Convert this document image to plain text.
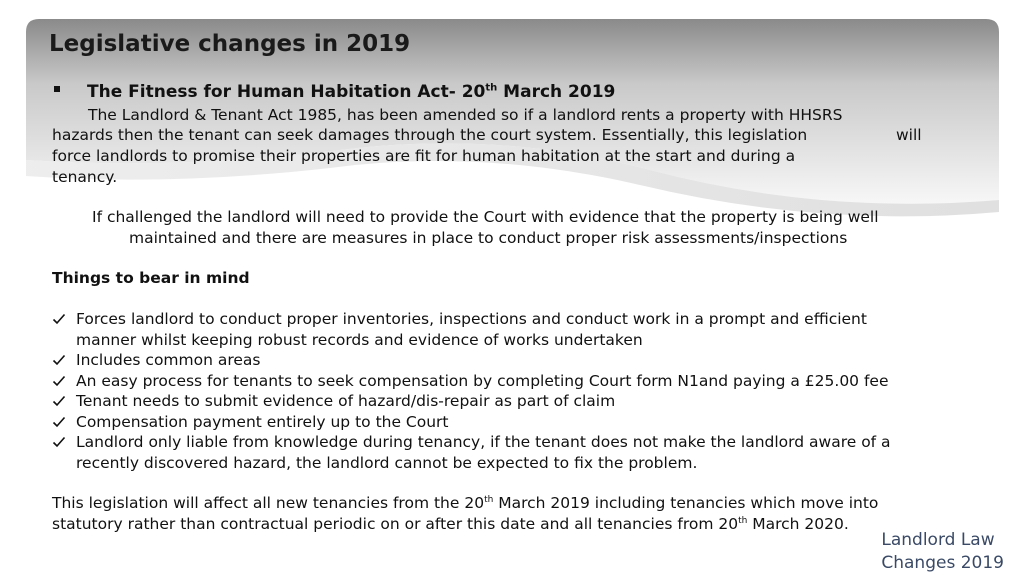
Legislative changes in 2019
The Fitness for Human Habitation Act- 20th March 2019

The Landlord & Tenant Act 1985, has been amended so if a landlord rents a property with HHSRS

hazards then the tenant can seek damages through the court system. Essentially, this legislation	will

force landlords to promise their properties are fit for human habitation at the start and during a

tenancy.

If challenged the landlord will need to provide the Court with evidence that the property is being well

maintained and there are measures in place to conduct proper risk assessments/inspections

Things to bear in mind

Forces landlord to conduct proper inventories, inspections and conduct work in a prompt and efficient
manner whilst keeping robust records and evidence of works undertaken
Includes common areas
An easy process for tenants to seek compensation by completing Court form N1and paying a £25.00 fee
Tenant needs to submit evidence of hazard/dis-repair as part of claim
Compensation payment entirely up to the Court
Landlord only liable from knowledge during tenancy, if the tenant does not make the landlord aware of a
recently discovered hazard, the landlord cannot be expected to fix the problem.

This legislation will affect all new tenancies from the 20th March 2019 including tenancies which move into

statutory rather than contractual periodic on or after this date and all tenancies from 20th March 2020.

Landlord Law
Changes 2019
